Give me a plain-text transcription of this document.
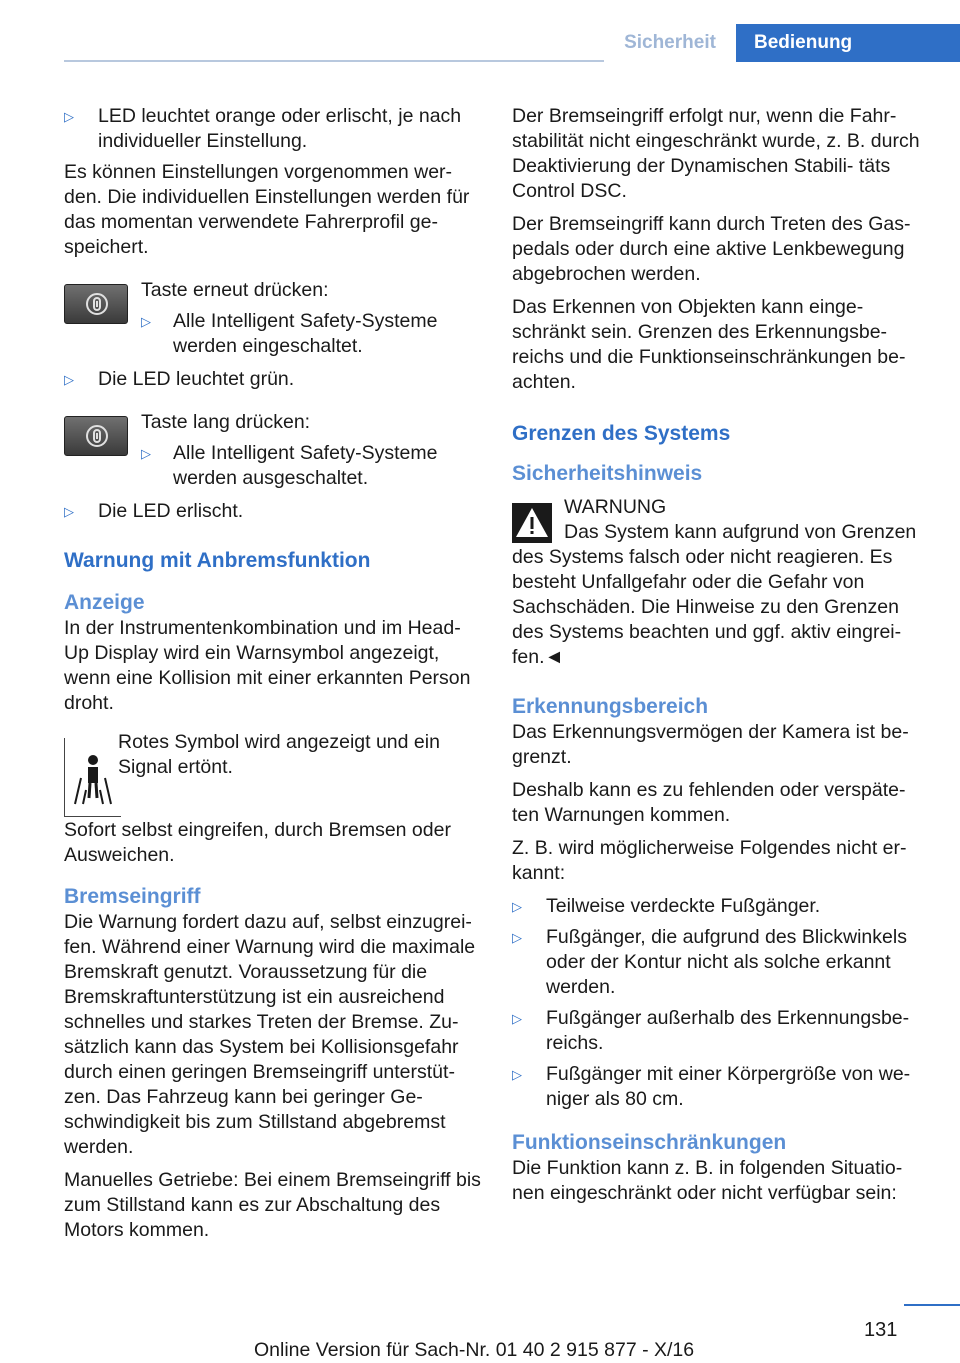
Sicherheit	Bedienung
▷ LED leuchtet orange oder erlischt, je nach individueller Einstellung.

Es können Einstellungen vorgenommen wer- den. Die individuellen Einstellungen werden für das momentan verwendete Fahrerprofil ge- speichert.

Taste erneut drücken:

▷ Alle Intelligent Safety-Systeme werden eingeschaltet.
▷ Die LED leuchtet grün.

Taste lang drücken:

▷ Alle Intelligent Safety-Systeme werden ausgeschaltet.
▷ Die LED erlischt.
Warnung mit Anbremsfunktion
Anzeige

In der Instrumentenkombination und im Head- Up Display wird ein Warnsymbol angezeigt, wenn eine Kollision mit einer erkannten Person droht.

Rotes Symbol wird angezeigt und ein Signal ertönt.

Sofort selbst eingreifen, durch Bremsen oder Ausweichen.

Bremseingriff

Die Warnung fordert dazu auf, selbst einzugrei- fen. Während einer Warnung wird die maximale Bremskraft genutzt. Voraussetzung für die Bremskraftunterstützung ist ein ausreichend schnelles und starkes Treten der Bremse. Zu- sätzlich kann das System bei Kollisionsgefahr durch einen geringen Bremseingriff unterstüt- zen. Das Fahrzeug kann bei geringer Ge- schwindigkeit bis zum Stillstand abgebremst werden.

Manuelles Getriebe: Bei einem Bremseingriff bis zum Stillstand kann es zur Abschaltung des Motors kommen.

Der Bremseingriff erfolgt nur, wenn die Fahr- stabilität nicht eingeschränkt wurde, z. B. durch Deaktivierung der Dynamischen Stabili- täts Control DSC.

Der Bremseingriff kann durch Treten des Gas- pedals oder durch eine aktive Lenkbewegung abgebrochen werden.

Das Erkennen von Objekten kann einge- schränkt sein. Grenzen des Erkennungsbe- reichs und die Funktionseinschränkungen be- achten.

Grenzen des Systems
Sicherheitshinweis

WARNUNG

Das System kann aufgrund von Grenzen des Systems falsch oder nicht reagieren. Es besteht Unfallgefahr oder die Gefahr von Sachschäden. Die Hinweise zu den Grenzen des Systems beachten und ggf. aktiv eingrei- fen.◄

Erkennungsbereich

Das Erkennungsvermögen der Kamera ist be- grenzt.

Deshalb kann es zu fehlenden oder verspäte- ten Warnungen kommen.

Z. B. wird möglicherweise Folgendes nicht er- kannt:

▷ Teilweise verdeckte Fußgänger.
▷ Fußgänger, die aufgrund des Blickwinkels oder der Kontur nicht als solche erkannt werden.
▷ Fußgänger außerhalb des Erkennungsbe- reichs.
▷ Fußgänger mit einer Körpergröße von we- niger als 80 cm.
Funktionseinschränkungen

Die Funktion kann z. B. in folgenden Situatio- nen eingeschränkt oder nicht verfügbar sein:

131
Online Version für Sach-Nr. 01 40 2 915 877 - X/16
